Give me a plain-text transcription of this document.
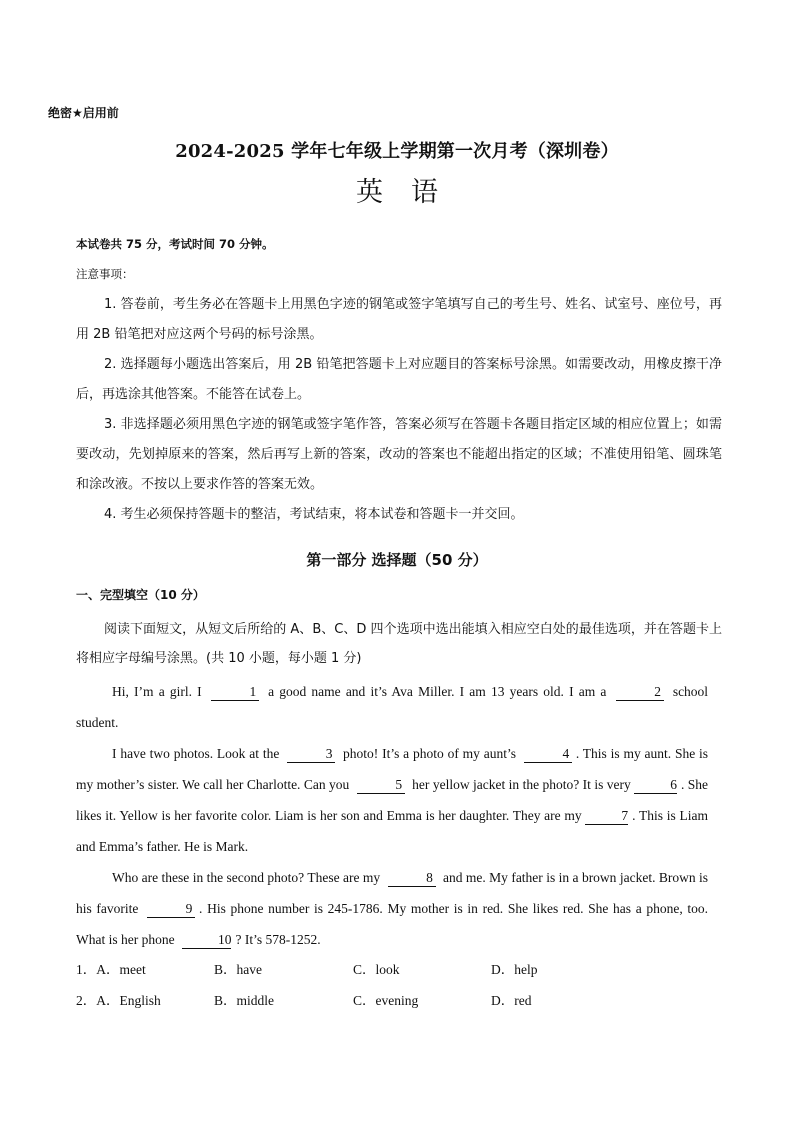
绝密★启用前
2024-2025 学年七年级上学期第一次月考（深圳卷）
英语
本试卷共 75 分，考试时间 70 分钟。
注意事项：

1. 答卷前，考生务必在答题卡上用黑色字迹的钢笔或签字笔填写自己的考生号、姓名、试室号、座位号，再用 2B 铅笔把对应这两个号码的标号涂黑。

2. 选择题每小题选出答案后，用 2B 铅笔把答题卡上对应题目的答案标号涂黑。如需要改动，用橡皮擦干净后，再选涂其他答案。不能答在试卷上。

3. 非选择题必须用黑色字迹的钢笔或签字笔作答，答案必须写在答题卡各题目指定区域的相应位置上；如需要改动，先划掉原来的答案，然后再写上新的答案，改动的答案也不能超出指定的区域；不准使用铅笔、圆珠笔和涂改液。不按以上要求作答的答案无效。

4. 考生必须保持答题卡的整洁，考试结束，将本试卷和答题卡一并交回。

第一部分 选择题（50 分）
一、完型填空（10 分）
阅读下面短文，从短文后所给的 A、B、C、D 四个选项中选出能填入相应空白处的最佳选项，并在答题卡上将相应字母编号涂黑。(共 10 小题，每小题 1 分)

Hi, I’m a girl. I	1 a good name and it’s Ava Miller. I am 13 years old. I am a	2 school student.

I have two photos. Look at the	3 photo! It’s a photo of my aunt’s	4 . This is my aunt. She is my mother’s sister. We call her Charlotte. Can you	5 her yellow jacket in the photo? It is very	6 . She likes it. Yellow is her favorite color. Liam is her son and Emma is her daughter. They are my	7 . This is Liam and Emma’s father. He is Mark.

Who are these in the second photo? These are my	8 and me. My father is in a brown jacket. Brown is his favorite	9 . His phone number is 245-1786. My mother is in red. She likes red. She has a phone, too. What is her phone	10 ? It’s 578-1252.

1．A．meet	B．have	C．look	D．help
2．A．English	B．middle	C．evening	D．red
